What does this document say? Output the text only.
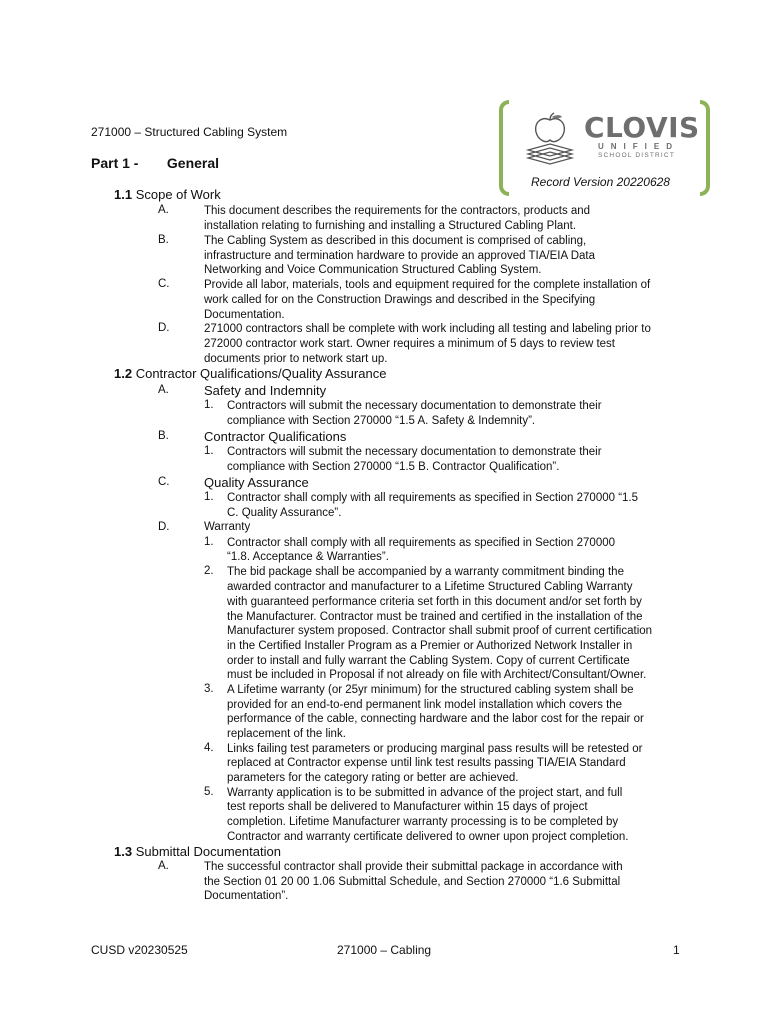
271000 – Structured Cabling System
Part 1 - General
CLOVIS
UNIFIED
SCHOOL DISTRICT
Record Version 20220628
1.1 Scope of Work
A.	This document describes the requirements for the contractors, products and
installation relating to furnishing and installing a Structured Cabling Plant.
B.	The Cabling System as described in this document is comprised of cabling,
infrastructure and termination hardware to provide an approved TIA/EIA Data
Networking and Voice Communication Structured Cabling System.
C.	Provide all labor, materials, tools and equipment required for the complete installation of
work called for on the Construction Drawings and described in the Specifying
Documentation.
D.	271000 contractors shall be complete with work including all testing and labeling prior to
272000 contractor work start. Owner requires a minimum of 5 days to review test
documents prior to network start up.
1.2 Contractor Qualifications/Quality Assurance
A.	Safety and Indemnity
1. Contractors will submit the necessary documentation to demonstrate their
compliance with Section 270000 “1.5 A. Safety & Indemnity”.
B.	Contractor Qualifications
1. Contractors will submit the necessary documentation to demonstrate their
compliance with Section 270000 “1.5 B. Contractor Qualification”.
C.	Quality Assurance
1. Contractor shall comply with all requirements as specified in Section 270000 “1.5
C. Quality Assurance”.
D.	Warranty
1. Contractor shall comply with all requirements as specified in Section 270000
“1.8. Acceptance & Warranties”.
2. The bid package shall be accompanied by a warranty commitment binding the
awarded contractor and manufacturer to a Lifetime Structured Cabling Warranty
with guaranteed performance criteria set forth in this document and/or set forth by
the Manufacturer. Contractor must be trained and certified in the installation of the
Manufacturer system proposed. Contractor shall submit proof of current certification
in the Certified Installer Program as a Premier or Authorized Network Installer in
order to install and fully warrant the Cabling System. Copy of current Certificate
must be included in Proposal if not already on file with Architect/Consultant/Owner.
3. A Lifetime warranty (or 25yr minimum) for the structured cabling system shall be
provided for an end-to-end permanent link model installation which covers the
performance of the cable, connecting hardware and the labor cost for the repair or
replacement of the link.
4. Links failing test parameters or producing marginal pass results will be retested or
replaced at Contractor expense until link test results passing TIA/EIA Standard
parameters for the category rating or better are achieved.
5. Warranty application is to be submitted in advance of the project start, and full
test reports shall be delivered to Manufacturer within 15 days of project
completion. Lifetime Manufacturer warranty processing is to be completed by
Contractor and warranty certificate delivered to owner upon project completion.
1.3 Submittal Documentation
A.	The successful contractor shall provide their submittal package in accordance with
the Section 01 20 00 1.06 Submittal Schedule, and Section 270000 “1.6 Submittal
Documentation”.
CUSD v20230525	271000 – Cabling	1
